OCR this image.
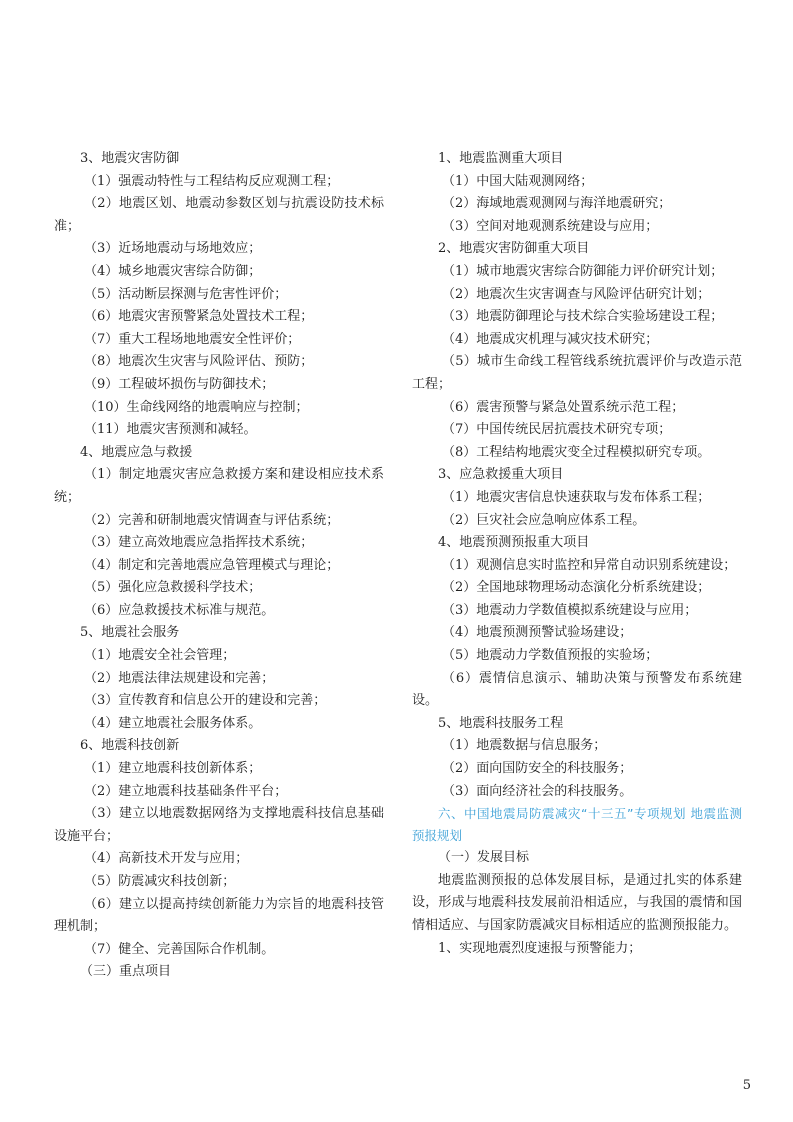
3、地震灾害防御

（1）强震动特性与工程结构反应观测工程；

（2）地震区划、地震动参数区划与抗震设防技术标准；

（3）近场地震动与场地效应；

（4）城乡地震灾害综合防御；

（5）活动断层探测与危害性评价；

（6）地震灾害预警紧急处置技术工程；

（7）重大工程场地地震安全性评价；

（8）地震次生灾害与风险评估、预防；

（9）工程破坏损伤与防御技术；

（10）生命线网络的地震响应与控制；

（11）地震灾害预测和减轻。

4、地震应急与救援

（1）制定地震灾害应急救援方案和建设相应技术系统；

（2）完善和研制地震灾情调查与评估系统；

（3）建立高效地震应急指挥技术系统；

（4）制定和完善地震应急管理模式与理论；

（5）强化应急救援科学技术；

（6）应急救援技术标准与规范。

5、地震社会服务

（1）地震安全社会管理；

（2）地震法律法规建设和完善；

（3）宣传教育和信息公开的建设和完善；

（4）建立地震社会服务体系。

6、地震科技创新

（1）建立地震科技创新体系；

（2）建立地震科技基础条件平台；

（3）建立以地震数据网络为支撑地震科技信息基础设施平台；

（4）高新技术开发与应用；

（5）防震减灾科技创新；

（6）建立以提高持续创新能力为宗旨的地震科技管理机制；

（7）健全、完善国际合作机制。

（三）重点项目

1、地震监测重大项目

（1）中国大陆观测网络；

（2）海域地震观测网与海洋地震研究；

（3）空间对地观测系统建设与应用；

2、地震灾害防御重大项目

（1）城市地震灾害综合防御能力评价研究计划；

（2）地震次生灾害调查与风险评估研究计划；

（3）地震防御理论与技术综合实验场建设工程；

（4）地震成灾机理与减灾技术研究；

（5）城市生命线工程管线系统抗震评价与改造示范工程；

（6）震害预警与紧急处置系统示范工程；

（7）中国传统民居抗震技术研究专项；

（8）工程结构地震灾变全过程模拟研究专项。

3、应急救援重大项目

（1）地震灾害信息快速获取与发布体系工程；

（2）巨灾社会应急响应体系工程。

4、地震预测预报重大项目

（1）观测信息实时监控和异常自动识别系统建设；

（2）全国地球物理场动态演化分析系统建设；

（3）地震动力学数值模拟系统建设与应用；

（4）地震预测预警试验场建设；

（5）地震动力学数值预报的实验场；

（6）震情信息演示、辅助决策与预警发布系统建设。

5、地震科技服务工程

（1）地震数据与信息服务；

（2）面向国防安全的科技服务；

（3）面向经济社会的科技服务。

六、中国地震局防震减灾“十三五”专项规划 地震监测预报规划

（一）发展目标

地震监测预报的总体发展目标，是通过扎实的体系建设，形成与地震科技发展前沿相适应，与我国的震情和国情相适应、与国家防震减灾目标相适应的监测预报能力。

1、实现地震烈度速报与预警能力；

5
